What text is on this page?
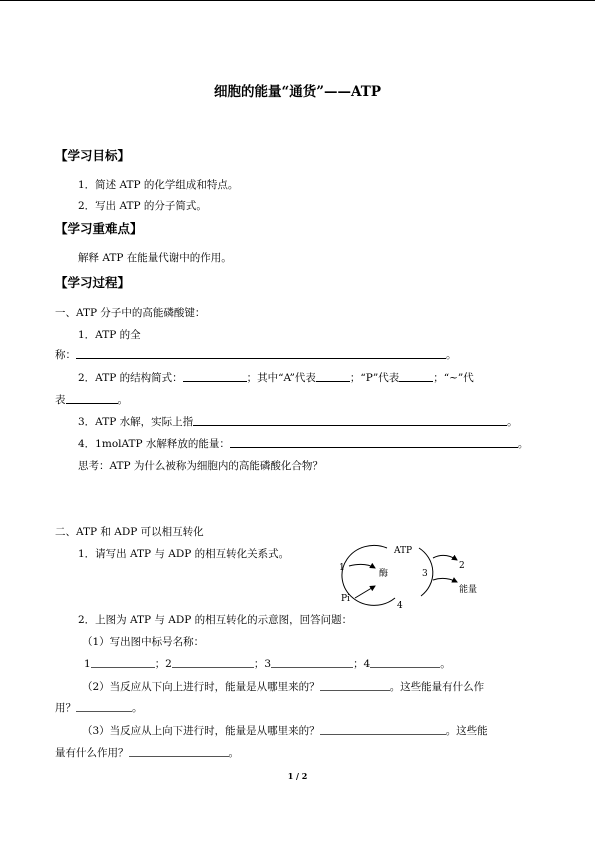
细胞的能量“通货”——ATP
【学习目标】
1．简述 ATP 的化学组成和特点。
2．写出 ATP 的分子简式。
【学习重难点】
解释 ATP 在能量代谢中的作用。
【学习过程】
一、ATP 分子中的高能磷酸键：
1．ATP 的全
称：	。
2．ATP 的结构简式：	；其中“A”代表	；“P”代表	；“~”代
表	。
3．ATP 水解，实际上指	。
4．1molATP 水解释放的能量：	。
思考：ATP 为什么被称为细胞内的高能磷酸化合物？
二、ATP 和 ADP 可以相互转化
1．请写出 ATP 与 ADP 的相互转化关系式。	ATP
酶	3
1	2
能量
Pi
4
2．上图为 ATP 与 ADP 的相互转化的示意图，回答问题：
（1）写出图中标号名称：
1	；2	；3	；4	。
（2）当反应从下向上进行时，能量是从哪里来的？	。这些能量有什么作
用？	。
（3）当反应从上向下进行时，能量是从哪里来的？	。这些能
量有什么作用？	。
1 / 2
